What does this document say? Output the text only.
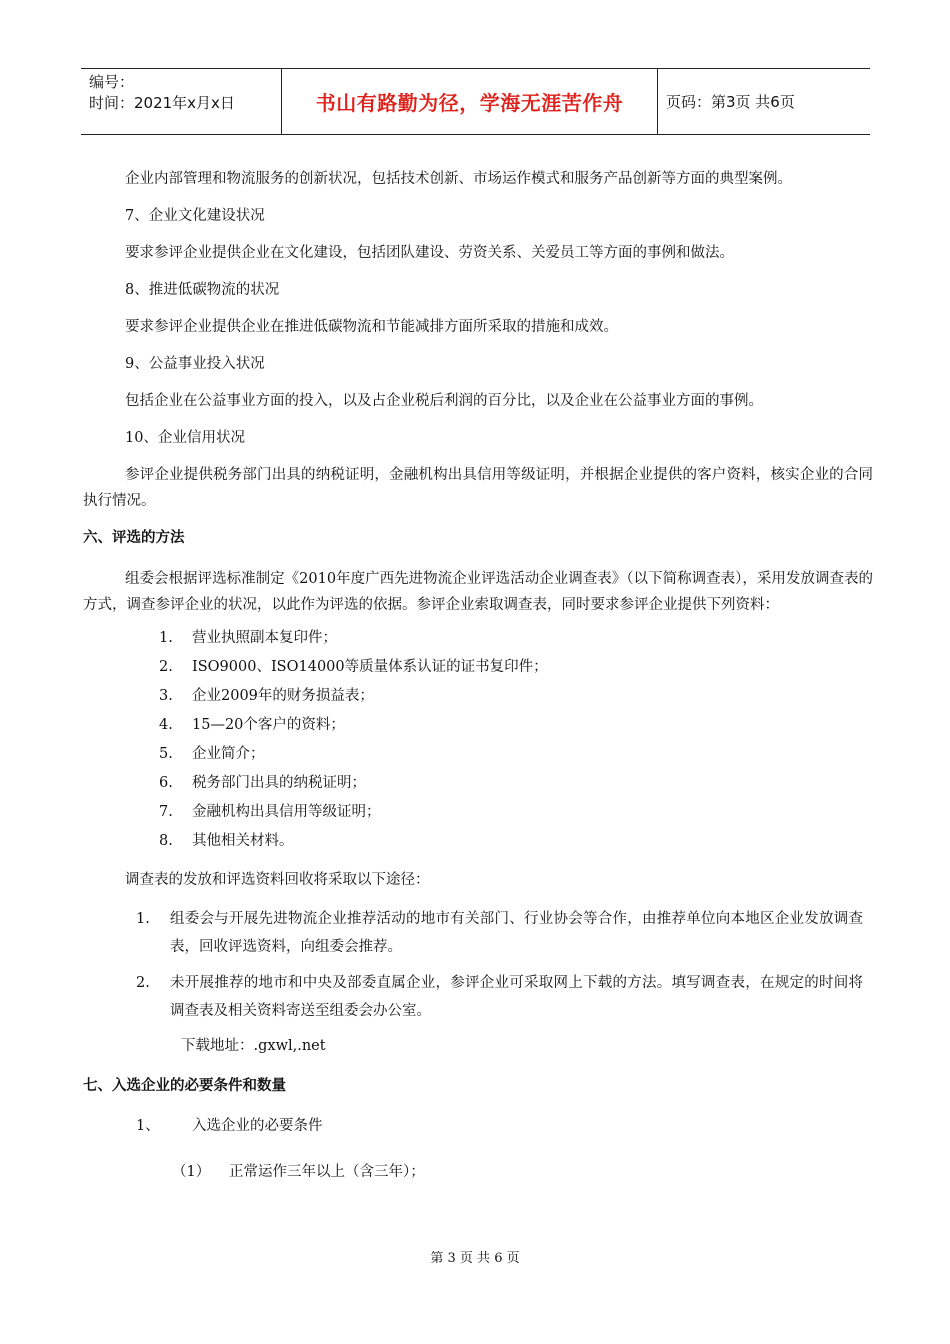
编号：
时间：2021年x月x日	书山有路勤为径，学海无涯苦作舟	页码：第3页 共6页

企业内部管理和物流服务的创新状况，包括技术创新、市场运作模式和服务产品创新等方面的典型案例。

7、企业文化建设状况

要求参评企业提供企业在文化建设，包括团队建设、劳资关系、关爱员工等方面的事例和做法。

8、推进低碳物流的状况

要求参评企业提供企业在推进低碳物流和节能减排方面所采取的措施和成效。

9、公益事业投入状况

包括企业在公益事业方面的投入，以及占企业税后利润的百分比，以及企业在公益事业方面的事例。

10、企业信用状况

参评企业提供税务部门出具的纳税证明，金融机构出具信用等级证明，并根据企业提供的客户资料，核实企业的合同执行情况。

六、评选的方法

组委会根据评选标准制定《2010年度广西先进物流企业评选活动企业调查表》（以下简称调查表），采用发放调查表的方式，调查参评企业的状况，以此作为评选的依据。参评企业索取调查表，同时要求参评企业提供下列资料：

1. 营业执照副本复印件；
2. ISO9000、ISO14000等质量体系认证的证书复印件；
3. 企业2009年的财务损益表；
4. 15—20个客户的资料；
5. 企业简介；
6. 税务部门出具的纳税证明；
7. 金融机构出具信用等级证明；
8. 其他相关材料。

调查表的发放和评选资料回收将采取以下途径：

1. 组委会与开展先进物流企业推荐活动的地市有关部门、行业协会等合作，由推荐单位向本地区企业发放调查表，回收评选资料，向组委会推荐。
2. 未开展推荐的地市和中央及部委直属企业，参评企业可采取网上下载的方法。填写调查表，在规定的时间将调查表及相关资料寄送至组委会办公室。

下载地址：.gxwl,.net

七、入选企业的必要条件和数量

1、 入选企业的必要条件

（1） 正常运作三年以上（含三年）；

第 3 页 共 6 页
